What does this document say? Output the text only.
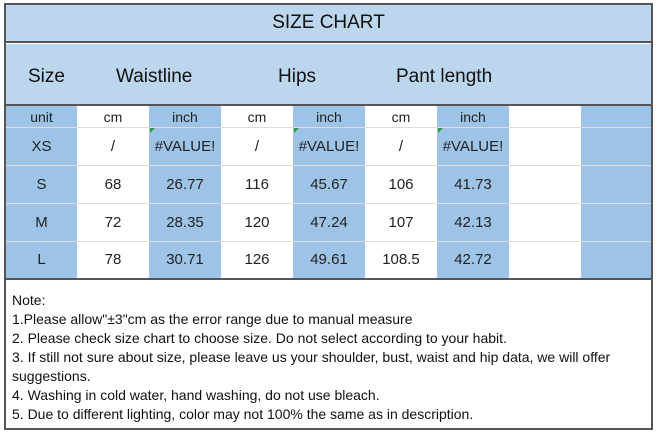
SIZE CHART
Size	Waistline	Hips	Pant length
unit	cm	inch	cm	inch	cm	inch
XS	/	#VALUE!	/	#VALUE!	/	#VALUE!
S	68	26.77	116	45.67	106	41.73
M	72	28.35	120	47.24	107	42.13
L	78	30.71	126	49.61	108.5	42.72
Note:
1.Please allow"±3"cm as the error range due to manual measure
2. Please check size chart to choose size. Do not select according to your habit.
3. If still not sure about size, please leave us your shoulder, bust, waist and hip data, we will offer suggestions.
4. Washing in cold water, hand washing, do not use bleach.
5. Due to different lighting, color may not 100% the same as in description.
